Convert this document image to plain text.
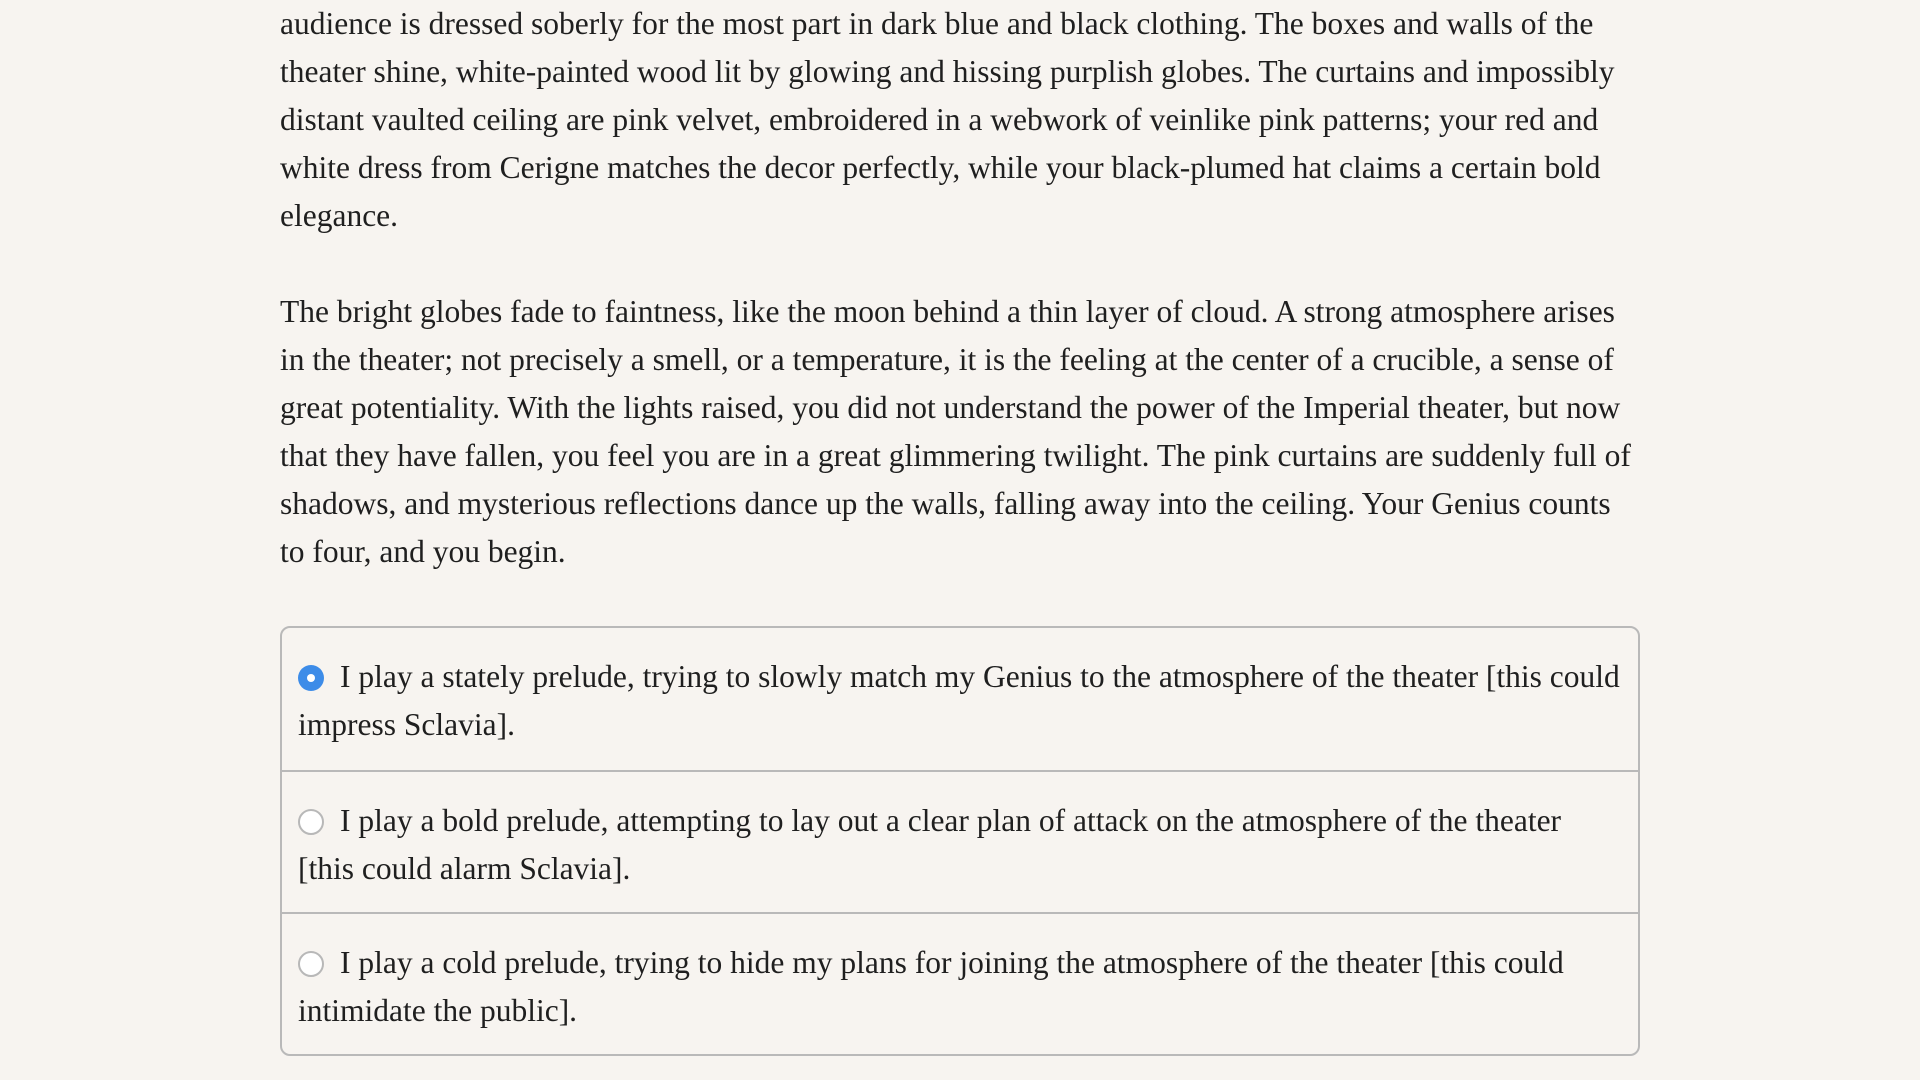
audience is dressed soberly for the most part in dark blue and black clothing. The boxes and walls of the theater shine, white-painted wood lit by glowing and hissing purplish globes. The curtains and impossibly distant vaulted ceiling are pink velvet, embroidered in a webwork of veinlike pink patterns; your red and white dress from Cerigne matches the decor perfectly, while your black-plumed hat claims a certain bold elegance.

The bright globes fade to faintness, like the moon behind a thin layer of cloud. A strong atmosphere arises in the theater; not precisely a smell, or a temperature, it is the feeling at the center of a crucible, a sense of great potentiality. With the lights raised, you did not understand the power of the Imperial theater, but now that they have fallen, you feel you are in a great glimmering twilight. The pink curtains are suddenly full of shadows, and mysterious reflections dance up the walls, falling away into the ceiling. Your Genius counts to four, and you begin.

I play a stately prelude, trying to slowly match my Genius to the atmosphere of the theater [this could impress Sclavia].
I play a bold prelude, attempting to lay out a clear plan of attack on the atmosphere of the theater [this could alarm Sclavia].
I play a cold prelude, trying to hide my plans for joining the atmosphere of the theater [this could intimidate the public].
